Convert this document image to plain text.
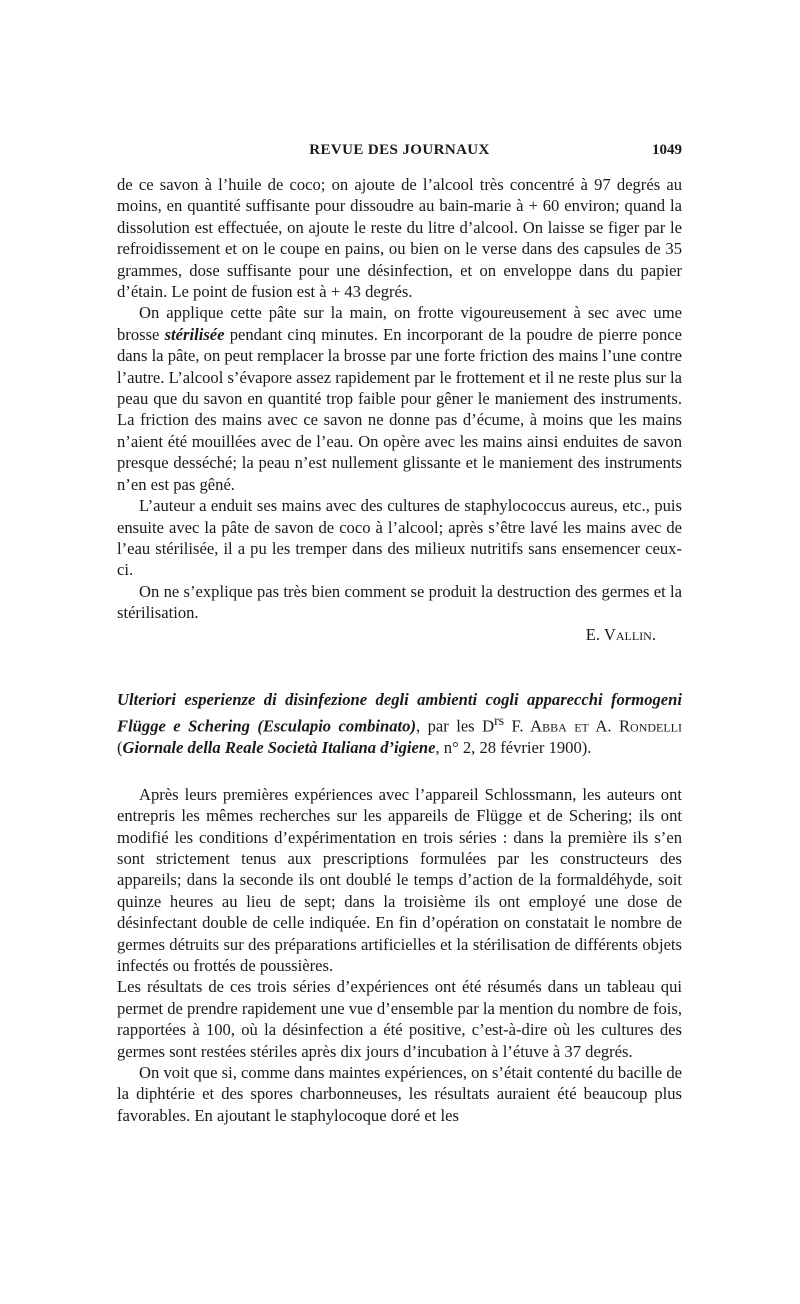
REVUE DES JOURNAUX	1049

de ce savon à l’huile de coco; on ajoute de l’alcool très concentré à 97 degrés au moins, en quantité suffisante pour dissoudre au bain-marie à + 60 environ; quand la dissolution est effectuée, on ajoute le reste du litre d’alcool. On laisse se figer par le refroidissement et on le coupe en pains, ou bien on le verse dans des capsules de 35 grammes, dose suffisante pour une désinfection, et on enveloppe dans du papier d’étain. Le point de fusion est à + 43 degrés.

On applique cette pâte sur la main, on frotte vigoureusement à sec avec ume brosse stérilisée pendant cinq minutes. En incorporant de la poudre de pierre ponce dans la pâte, on peut remplacer la brosse par une forte friction des mains l’une contre l’autre. L’alcool s’évapore assez rapidement par le frottement et il ne reste plus sur la peau que du savon en quantité trop faible pour gêner le maniement des instruments. La friction des mains avec ce savon ne donne pas d’écume, à moins que les mains n’aient été mouillées avec de l’eau. On opère avec les mains ainsi enduites de savon presque desséché; la peau n’est nullement glissante et le maniement des instruments n’en est pas gêné.

L’auteur a enduit ses mains avec des cultures de staphylococcus aureus, etc., puis ensuite avec la pâte de savon de coco à l’alcool; après s’être lavé les mains avec de l’eau stérilisée, il a pu les tremper dans des milieux nutritifs sans ensemencer ceux-ci.

On ne s’explique pas très bien comment se produit la destruction des germes et la stérilisation.
E. Vallin.

Ulteriori esperienze di disinfezione degli ambienti cogli apparecchi formogeni Flügge e Schering (Esculapio combinato), par les $D^{rs}$ F. Abba et A. Rondelli (Giornale della Reale Società Italiana d’igiene, n° 2, 28 février 1900).

Après leurs premières expériences avec l’appareil Schlossmann, les auteurs ont entrepris les mêmes recherches sur les appareils de Flügge et de Schering; ils ont modifié les conditions d’expérimentation en trois séries : dans la première ils s’en sont strictement tenus aux prescriptions formulées par les constructeurs des appareils; dans la seconde ils ont doublé le temps d’action de la formaldéhyde, soit quinze heures au lieu de sept; dans la troisième ils ont employé une dose de désinfectant double de celle indiquée. En fin d’opération on constatait le nombre de germes détruits sur des préparations artificielles et la stérilisation de différents objets infectés ou frottés de poussières.

Les résultats de ces trois séries d’expériences ont été résumés dans un tableau qui permet de prendre rapidement une vue d’ensemble par la mention du nombre de fois, rapportées à 100, où la désinfection a été positive, c’est-à-dire où les cultures des germes sont restées stériles après dix jours d’incubation à l’étuve à 37 degrés.

On voit que si, comme dans maintes expériences, on s’était contenté du bacille de la diphtérie et des spores charbonneuses, les résultats auraient été beaucoup plus favorables. En ajoutant le staphylocoque doré et les
